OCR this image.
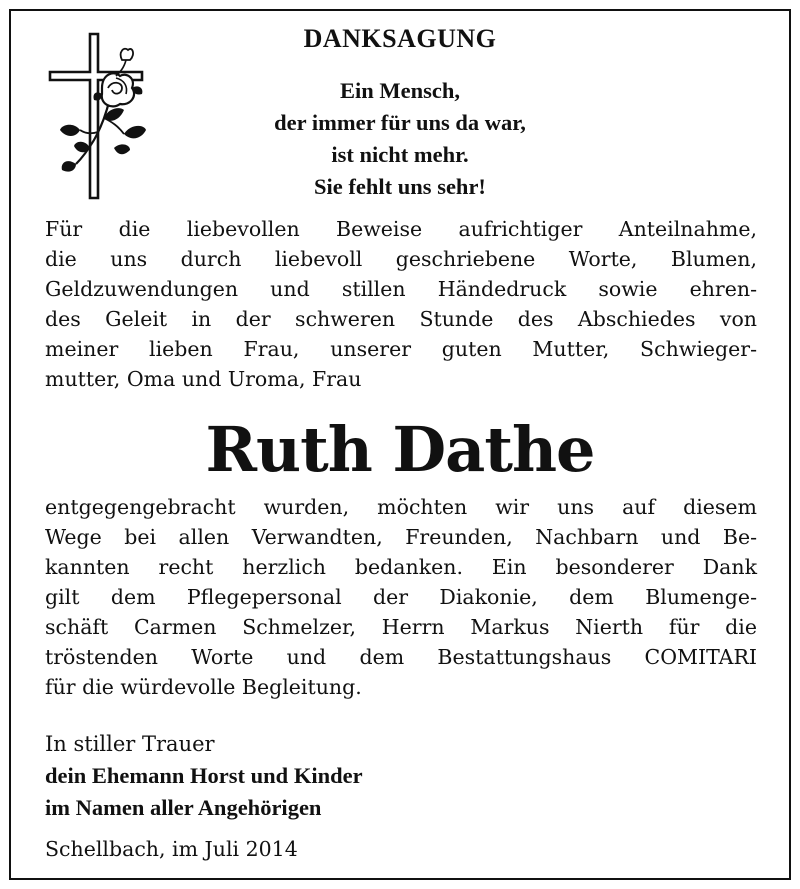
DANKSAGUNG
Ein Mensch,
der immer für uns da war,
ist nicht mehr.
Sie fehlt uns sehr!
Für die liebevollen Beweise aufrichtiger Anteilnahme,
die uns durch liebevoll geschriebene Worte, Blumen,
Geldzuwendungen und stillen Händedruck sowie ehren-
des Geleit in der schweren Stunde des Abschiedes von
meiner lieben Frau, unserer guten Mutter, Schwieger-
mutter, Oma und Uroma, Frau
Ruth Dathe
entgegengebracht wurden, möchten wir uns auf diesem
Wege bei allen Verwandten, Freunden, Nachbarn und Be-
kannten recht herzlich bedanken. Ein besonderer Dank
gilt dem Pflegepersonal der Diakonie, dem Blumenge-
schäft Carmen Schmelzer, Herrn Markus Nierth für die
tröstenden Worte und dem Bestattungshaus COMITARI
für die würdevolle Begleitung.
In stiller Trauer
dein Ehemann Horst und Kinder
im Namen aller Angehörigen
Schellbach, im Juli 2014
